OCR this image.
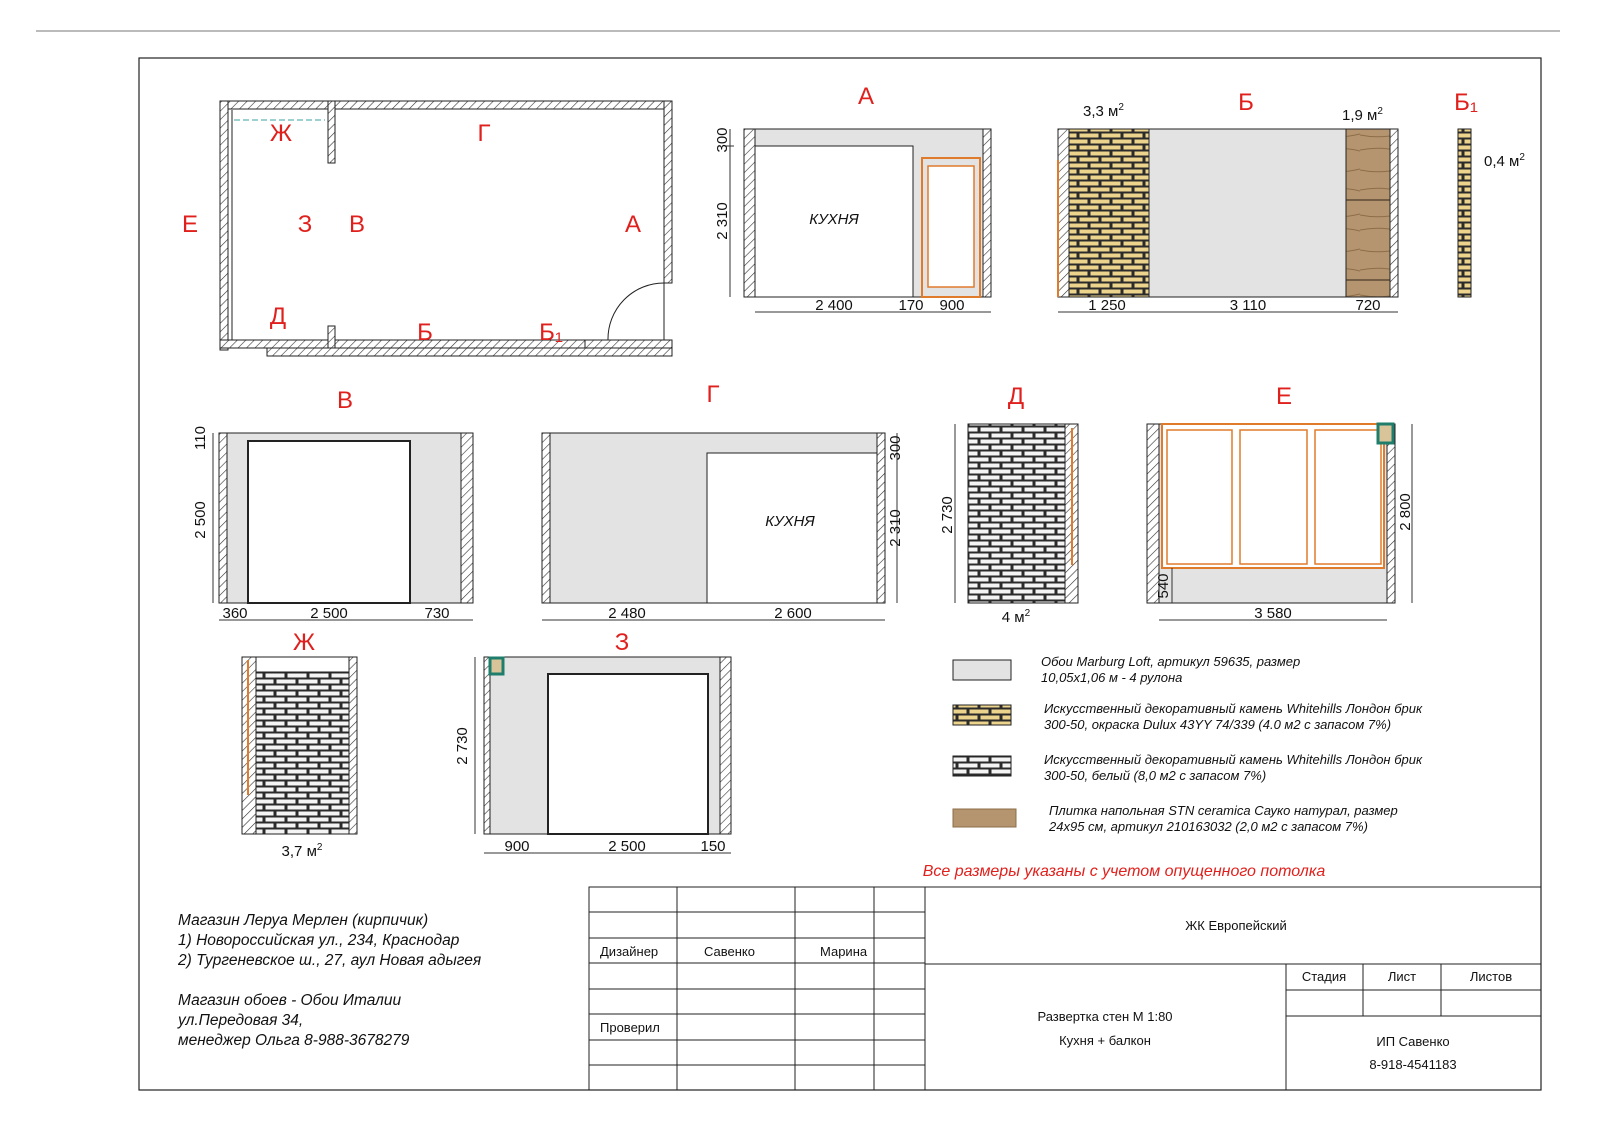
Ж	Г
Е	З В	А
Д
Б	Б₁
А
КУХНЯ
300
2 310
2 400	170 900
Б
3,3 $м^2$	1,9 $м^2$
1 250	3 110	720
Б₁
0,4 $м^2$
В
110
2 500
360	2 500	730
Г
КУХНЯ
300
2 310
2 480	2 600
Д
2 730
4 $м^2$
Е
540
2 800
3 580
Ж
3,7 $м^2$
З
2 730
900	2 500	150
Обои Marburg Loft, артикул 59635, размер
10,05х1,06 м - 4 рулона
Искусственный декоративный камень Whitehills Лондон брик
300-50, окраска Dulux 43YY 74/339 (4.0 м2 с запасом 7%)
Искусственный декоративный камень Whitehills Лондон брик
300-50, белый (8,0 м2 с запасом 7%)
Плитка напольная STN ceramica Сауко натурал, размер
24х95 см, артикул 210163032 (2,0 м2 с запасом 7%)
Все размеры указаны с учетом опущенного потолка
Магазин Леруа Мерлен (кирпичик)
1) Новороссийская ул., 234, Краснодар
2) Тургеневское ш., 27, аул Новая адыгея
Магазин обоев - Обои Италии
ул.Передовая 34,
менеджер Ольга 8-988-3678279
Дизайнер	Савенко	Марина
Проверил
ЖК Европейский
Стадия	Лист	Листов
Развертка стен М 1:80
Кухня + балкон	ИП Савенко
8-918-4541183
